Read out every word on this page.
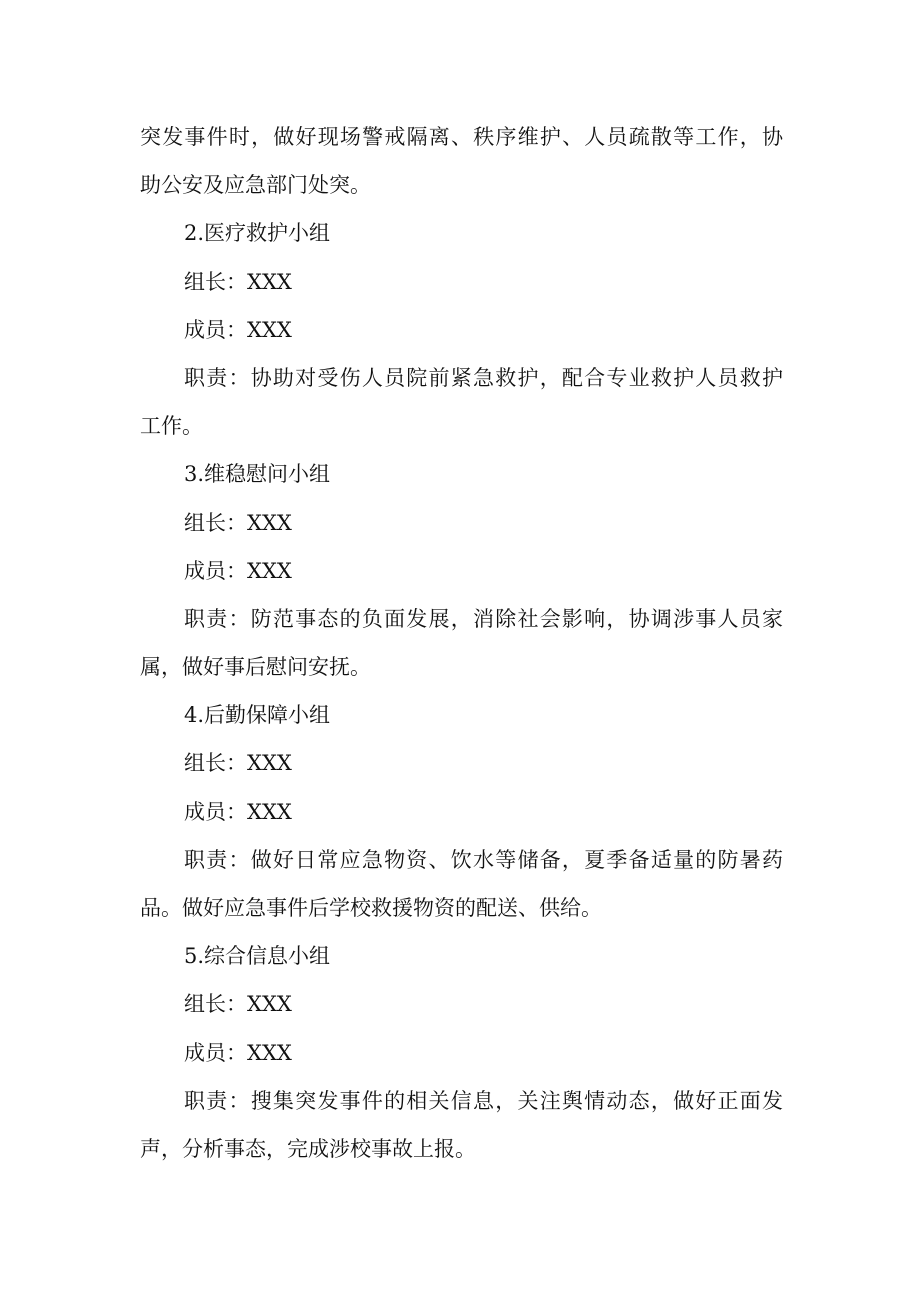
突发事件时，做好现场警戒隔离、秩序维护、人员疏散等工作，协
助公安及应急部门处突。
2.医疗救护小组
组长：XXX
成员：XXX
职责：协助对受伤人员院前紧急救护，配合专业救护人员救护
工作。
3.维稳慰问小组
组长：XXX
成员：XXX
职责：防范事态的负面发展，消除社会影响，协调涉事人员家
属，做好事后慰问安抚。
4.后勤保障小组
组长：XXX
成员：XXX
职责：做好日常应急物资、饮水等储备，夏季备适量的防暑药
品。做好应急事件后学校救援物资的配送、供给。
5.综合信息小组
组长：XXX
成员：XXX
职责：搜集突发事件的相关信息，关注舆情动态，做好正面发
声，分析事态，完成涉校事故上报。
